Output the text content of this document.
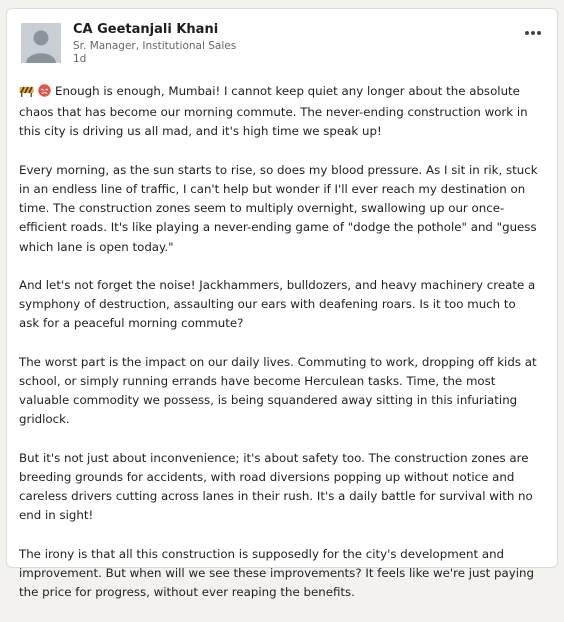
CA Geetanjali Khani
Sr. Manager, Institutional Sales
1d

Enough is enough, Mumbai! I cannot keep quiet any longer about the absolute chaos that has become our morning commute. The never-ending construction work in this city is driving us all mad, and it's high time we speak up!

Every morning, as the sun starts to rise, so does my blood pressure. As I sit in rik, stuck in an endless line of traffic, I can't help but wonder if I'll ever reach my destination on time. The construction zones seem to multiply overnight, swallowing up our once-efficient roads. It's like playing a never-ending game of "dodge the pothole" and "guess which lane is open today."

And let's not forget the noise! Jackhammers, bulldozers, and heavy machinery create a symphony of destruction, assaulting our ears with deafening roars. Is it too much to ask for a peaceful morning commute?

The worst part is the impact on our daily lives. Commuting to work, dropping off kids at school, or simply running errands have become Herculean tasks. Time, the most valuable commodity we possess, is being squandered away sitting in this infuriating gridlock.

But it's not just about inconvenience; it's about safety too. The construction zones are breeding grounds for accidents, with road diversions popping up without notice and careless drivers cutting across lanes in their rush. It's a daily battle for survival with no end in sight!

The irony is that all this construction is supposedly for the city's development and improvement. But when will we see these improvements? It feels like we're just paying the price for progress, without ever reaping the benefits.
